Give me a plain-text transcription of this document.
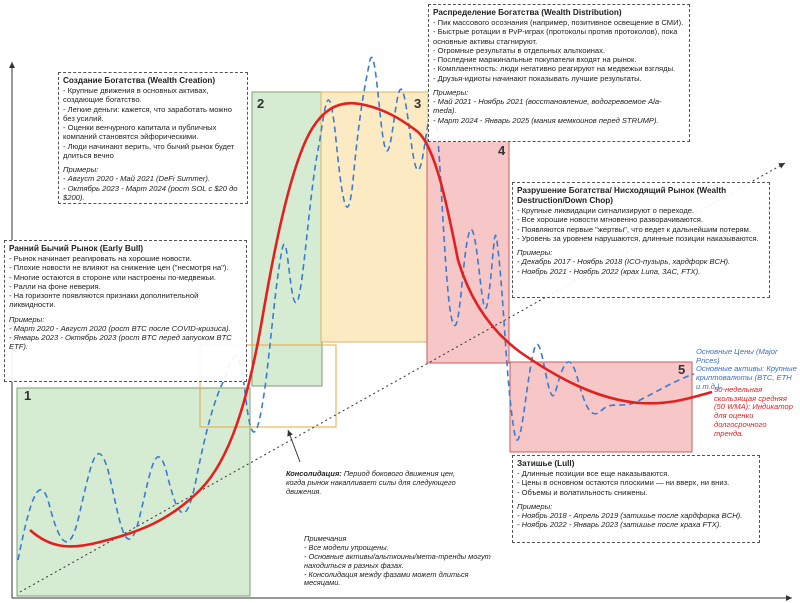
1
2	3
4
5
Ранний Бычий Рынок (Early Bull)
- Рынок начинает реагировать на хорошие новости.
- Плохие новости не влияют на снижение цен ("несмотря на").
- Многие остаются в стороне или настроены по-медвежьи.
- Ралли на фоне неверия.
- На горизонте появляются признаки дополнительной ликвидности.
Примеры:
- Март 2020 - Август 2020 (рост BTC после COVID-кризиса).
- Январь 2023 - Октябрь 2023 (рост BTC перед запуском BTC ETF).
Создание Богатства (Wealth Creation)
- Крупные движения в основных активах, создающие богатство.
- Легкие деньги: кажется, что заработать можно без усилий.
- Оценки венчурного капитала и публичных компаний становятся эйфорическими.
- Люди начинают верить, что бычий рынок будет длиться вечно
Примеры:
- Август 2020 - Май 2021 (DeFi Summer).
- Октябрь 2023 - Март 2024 (рост SOL с $20 до $200).
Распределение Богатства (Wealth Distribution)
- Пик массового осознания (например, позитивное освещение в СМИ).
- Быстрые ротации в PvP-играх (протоколы против протоколов), пока основные активы стагнируют.
- Огромные результаты в отдельных альткоинах.
- Последние маржинальные покупатели входят на рынок.
- Комплаентность: люди негативно реагируют на медвежьи взгляды.
- Друзья-идиоты начинают показывать лучшие результаты.
Примеры:
- Май 2021 - Ноябрь 2021 (восстановление, водогревоемое Ala-meda).
- Март 2024 - Январь 2025 (мания мемкоинов перед STRUMP).
Разрушение Богатства/ Нисходящий Рынок (Wealth Destruction/Down Chop)
- Крупные ликвидации сигнализируют о переходе.
- Все хорошие новости мгновенно разворачиваются.
- Появляются первые "жертвы", что ведет к дальнейшим потерям.
- Уровень за уровнем нарушаются, длинные позиции наказываются.
Примеры:
- Декабрь 2017 - Ноябрь 2018 (ICO-пузырь, хардфорк BCH).
- Ноябрь 2021 - Ноябрь 2022 (крах Luna, 3AC, FTX).
Затишье (Lull)
- Длинные позиции все еще наказываются.
- Цены в основном остаются плоскими — ни вверх, ни вниз.
- Объемы и волатильность снижены.
Примеры:
- Ноябрь 2018 - Апрель 2019 (затишье после хардфорка BCH).
- Ноябрь 2022 - Январь 2023 (затишье после краха FTX).
Консолидация: Период бокового движения цен, когда рынок накапливает силы для следующего движения.
Примечания
- Все модели упрощены.
- Основные активы/альткоины/мета-тренды могут находиться в разных фазах.
- Консолидация между фазами может длиться месяцами.
Основные Цены (Major Prices)
Основные активы: Крупные криптовалюты (BTC, ETH и т.д.).
50-недельная скользящая средняя (50 WMA): Индикатор для оценки долгосрочного тренда.
